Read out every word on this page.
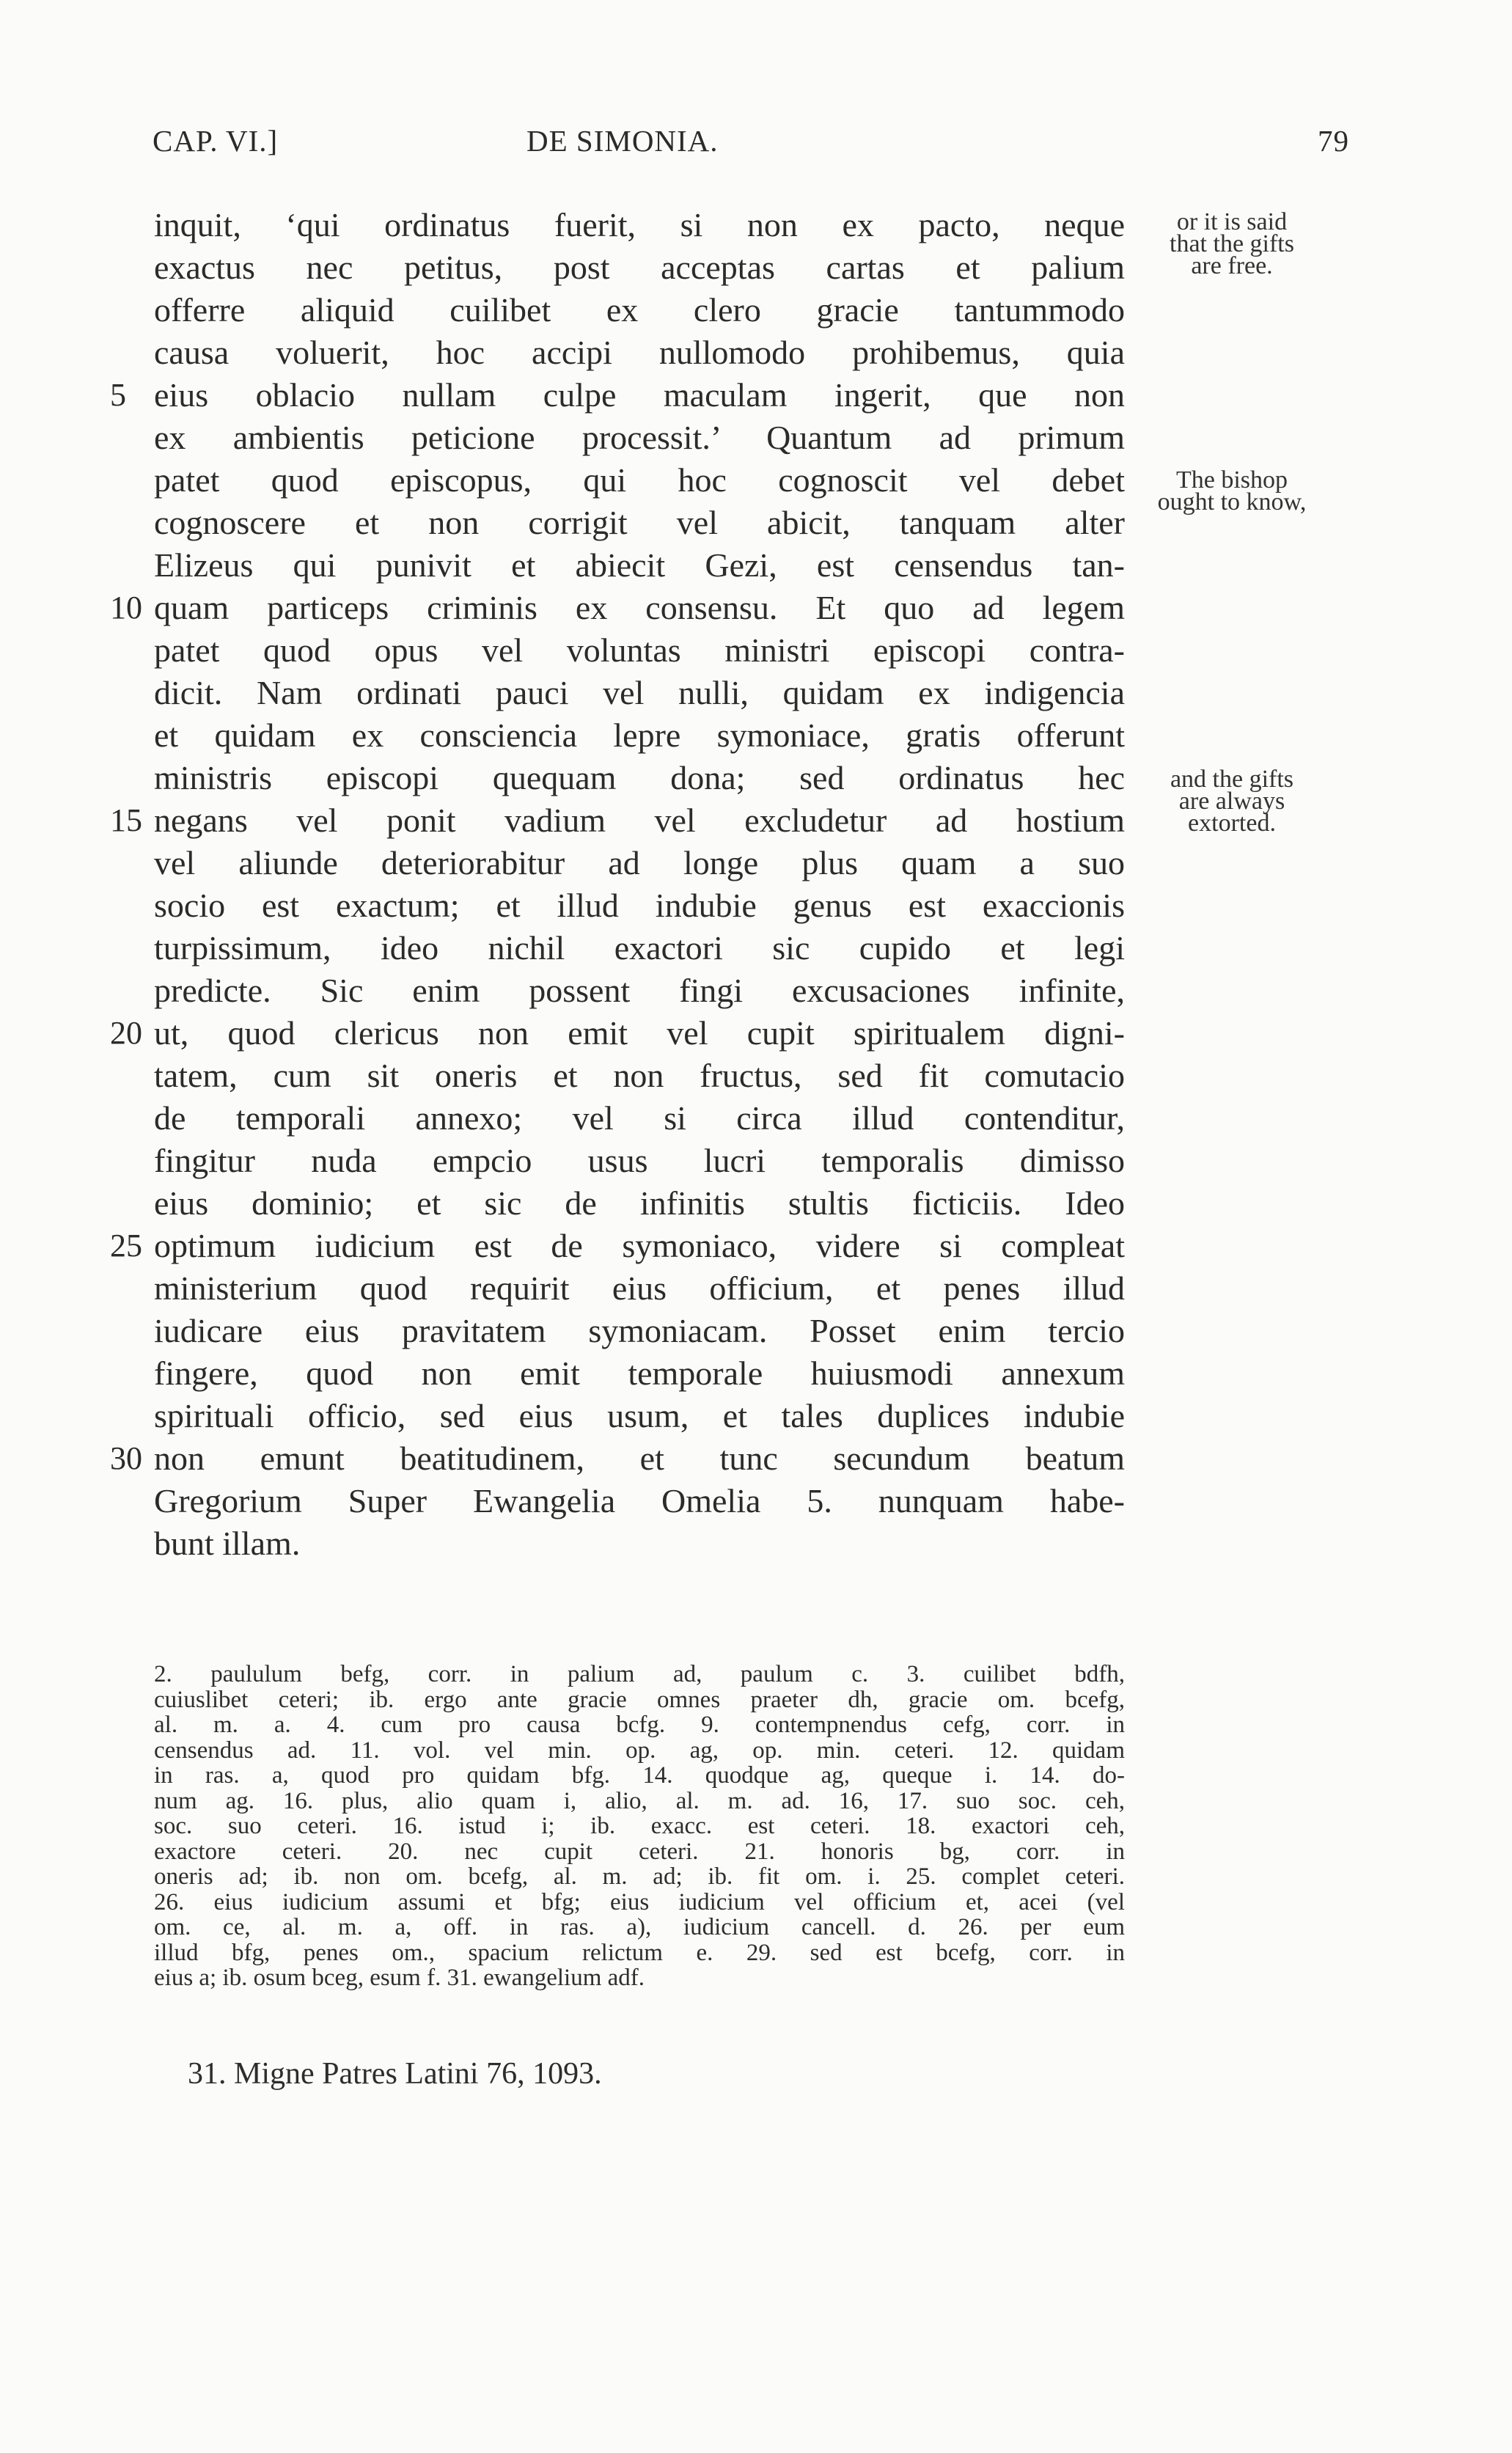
CAP. VI.]	DE SIMONIA.	79
inquit, ‘qui ordinatus fuerit, si non ex pacto, neque
exactus nec petitus, post acceptas cartas et palium
offerre aliquid cuilibet ex clero gracie tantummodo
causa voluerit, hoc accipi nullomodo prohibemus, quia
5 eius oblacio nullam culpe maculam ingerit, que non
ex ambientis peticione processit.’ Quantum ad primum
patet quod episcopus, qui hoc cognoscit vel debet
cognoscere et non corrigit vel abicit, tanquam alter
Elizeus qui punivit et abiecit Gezi, est censendus tan-
10 quam particeps criminis ex consensu. Et quo ad legem
patet quod opus vel voluntas ministri episcopi contra-
dicit. Nam ordinati pauci vel nulli, quidam ex indigencia
et quidam ex consciencia lepre symoniace, gratis offerunt
ministris episcopi quequam dona; sed ordinatus hec
15 negans vel ponit vadium vel excludetur ad hostium
vel aliunde deteriorabitur ad longe plus quam a suo
socio est exactum; et illud indubie genus est exaccionis
turpissimum, ideo nichil exactori sic cupido et legi
predicte. Sic enim possent fingi excusaciones infinite,
20 ut, quod clericus non emit vel cupit spiritualem digni-
tatem, cum sit oneris et non fructus, sed fit comutacio
de temporali annexo; vel si circa illud contenditur,
fingitur nuda empcio usus lucri temporalis dimisso
eius dominio; et sic de infinitis stultis ficticiis. Ideo
25 optimum iudicium est de symoniaco, videre si compleat
ministerium quod requirit eius officium, et penes illud
iudicare eius pravitatem symoniacam. Posset enim tercio
fingere, quod non emit temporale huiusmodi annexum
spirituali officio, sed eius usum, et tales duplices indubie
30 non emunt beatitudinem, et tunc secundum beatum
Gregorium Super Ewangelia Omelia 5. nunquam habe-
bunt illam.
or it is said
that the gifts
are free.
The bishop
ought to know,
and the gifts
are always
extorted.
2. paululum befg, corr. in palium ad, paulum c. 3. cuilibet bdfh,
cuiuslibet ceteri; ib. ergo ante gracie omnes praeter dh, gracie om. bcefg,
al. m. a. 4. cum pro causa bcfg. 9. contempnendus cefg, corr. in
censendus ad. 11. vol. vel min. op. ag, op. min. ceteri. 12. quidam
in ras. a, quod pro quidam bfg. 14. quodque ag, queque i. 14. do-
num ag. 16. plus, alio quam i, alio, al. m. ad. 16, 17. suo soc. ceh,
soc. suo ceteri. 16. istud i; ib. exacc. est ceteri. 18. exactori ceh,
exactore ceteri. 20. nec cupit ceteri. 21. honoris bg, corr. in
oneris ad; ib. non om. bcefg, al. m. ad; ib. fit om. i. 25. complet ceteri.
26. eius iudicium assumi et bfg; eius iudicium vel officium et, acei (vel
om. ce, al. m. a, off. in ras. a), iudicium cancell. d. 26. per eum
illud bfg, penes om., spacium relictum e. 29. sed est bcefg, corr. in
eius a; ib. osum bceg, esum f. 31. ewangelium adf.
31. Migne Patres Latini 76, 1093.
